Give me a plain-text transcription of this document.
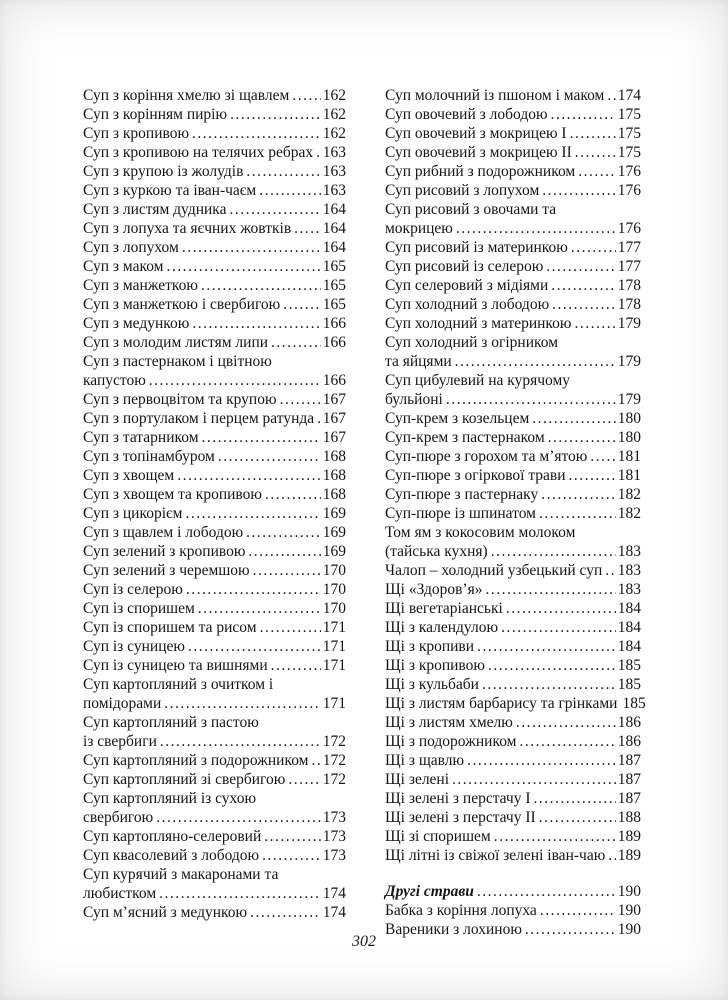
Суп з коріння хмелю зі щавлем ..... 162
Суп з корінням пирію .....	162
Суп з кропивою .....	162
Суп з кропивою на телячих ребрах ..... 163
Суп з крупою із жолудів .....	163
Суп з куркою та іван-чаєм .....	163
Суп з листям дудника .....	164
Суп з лопуха та яєчних жовтків ..... 164
Суп з лопухом .....	164
Суп з маком .....	165
Суп з манжеткою .....	165
Суп з манжеткою і свербигою .....	165
Суп з медункою .....	166
Суп з молодим листям липи .....	166
Суп з пастернаком і цвітною
капустою .....	166
Суп з первоцвітом та крупою .....	167
Суп з портулаком і перцем ратунда ..... 167
Суп з татарником .....	167
Суп з топінамбуром .....	168
Суп з хвощем .....	168
Суп з хвощем та кропивою .....	168
Суп з цикорієм .....	169
Суп з щавлем і лободою .....	169
Суп зелений з кропивою .....	169
Суп зелений з черемшою .....	170
Суп із селерою .....	170
Суп із споришем .....	170
Суп із споришем та рисом .....	171
Суп із суницею .....	171
Суп із суницею та вишнями .....	171
Суп картопляний з очитком і
помідорами .....	171
Суп картопляний з пастою
із свербиги .....	172
Суп картопляний з подорожником ..... 172
Суп картопляний зі свербигою ..... 172
Суп картопляний із сухою
свербигою .....	173
Суп картопляно-селеровий .....	173
Суп квасолевий з лободою .....	173
Суп курячий з макаронами та
любистком .....	174
Суп м’ясний з медункою .....	174
Суп молочний із пшоном і маком ..... 174
Суп овочевий з лободою .....	175
Суп овочевий з мокрицею I .....	175
Суп овочевий з мокрицею II .....	175
Суп рибний з подорожником .....	176
Суп рисовий з лопухом .....	176
Суп рисовий з овочами та
мокрицею .....	176
Суп рисовий із материнкою .....	177
Суп рисовий із селерою .....	177
Суп селеровий з мідіями .....	178
Суп холодний з лободою .....	178
Суп холодний з материнкою .....	179
Суп холодний з огірником
та яйцями .....	179
Суп цибулевий на курячому
бульйоні .....	179
Суп-крем з козельцем .....	180
Суп-крем з пастернаком .....	180
Суп-пюре з горохом та м’ятою ..... 181
Суп-пюре з огіркової трави .....	181
Суп-пюре з пастернаку .....	182
Суп-пюре із шпинатом .....	182
Том ям з кокосовим молоком
(тайська кухня) .....	183
Чалоп – холодний узбецький суп ..... 183
Щі «Здоров’я» .....	183
Щі вегетаріанські .....	184
Щі з календулою .....	184
Щі з кропиви .....	184
Щі з кропивою .....	185
Щі з кульбаби .....	185
Щі з листям барбарису та грінками 185
Щі з листям хмелю .....	186
Щі з подорожником .....	186
Щі з щавлю .....	187
Щі зелені .....	187
Щі зелені з перстачу I .....	187
Щі зелені з перстачу II .....	188
Щі зі споришем .....	189
Щі літні із свіжої зелені іван-чаю ..... 189
Другі страви .....	190
Бабка з коріння лопуха .....	190
Вареники з лохиною .....	190
302
